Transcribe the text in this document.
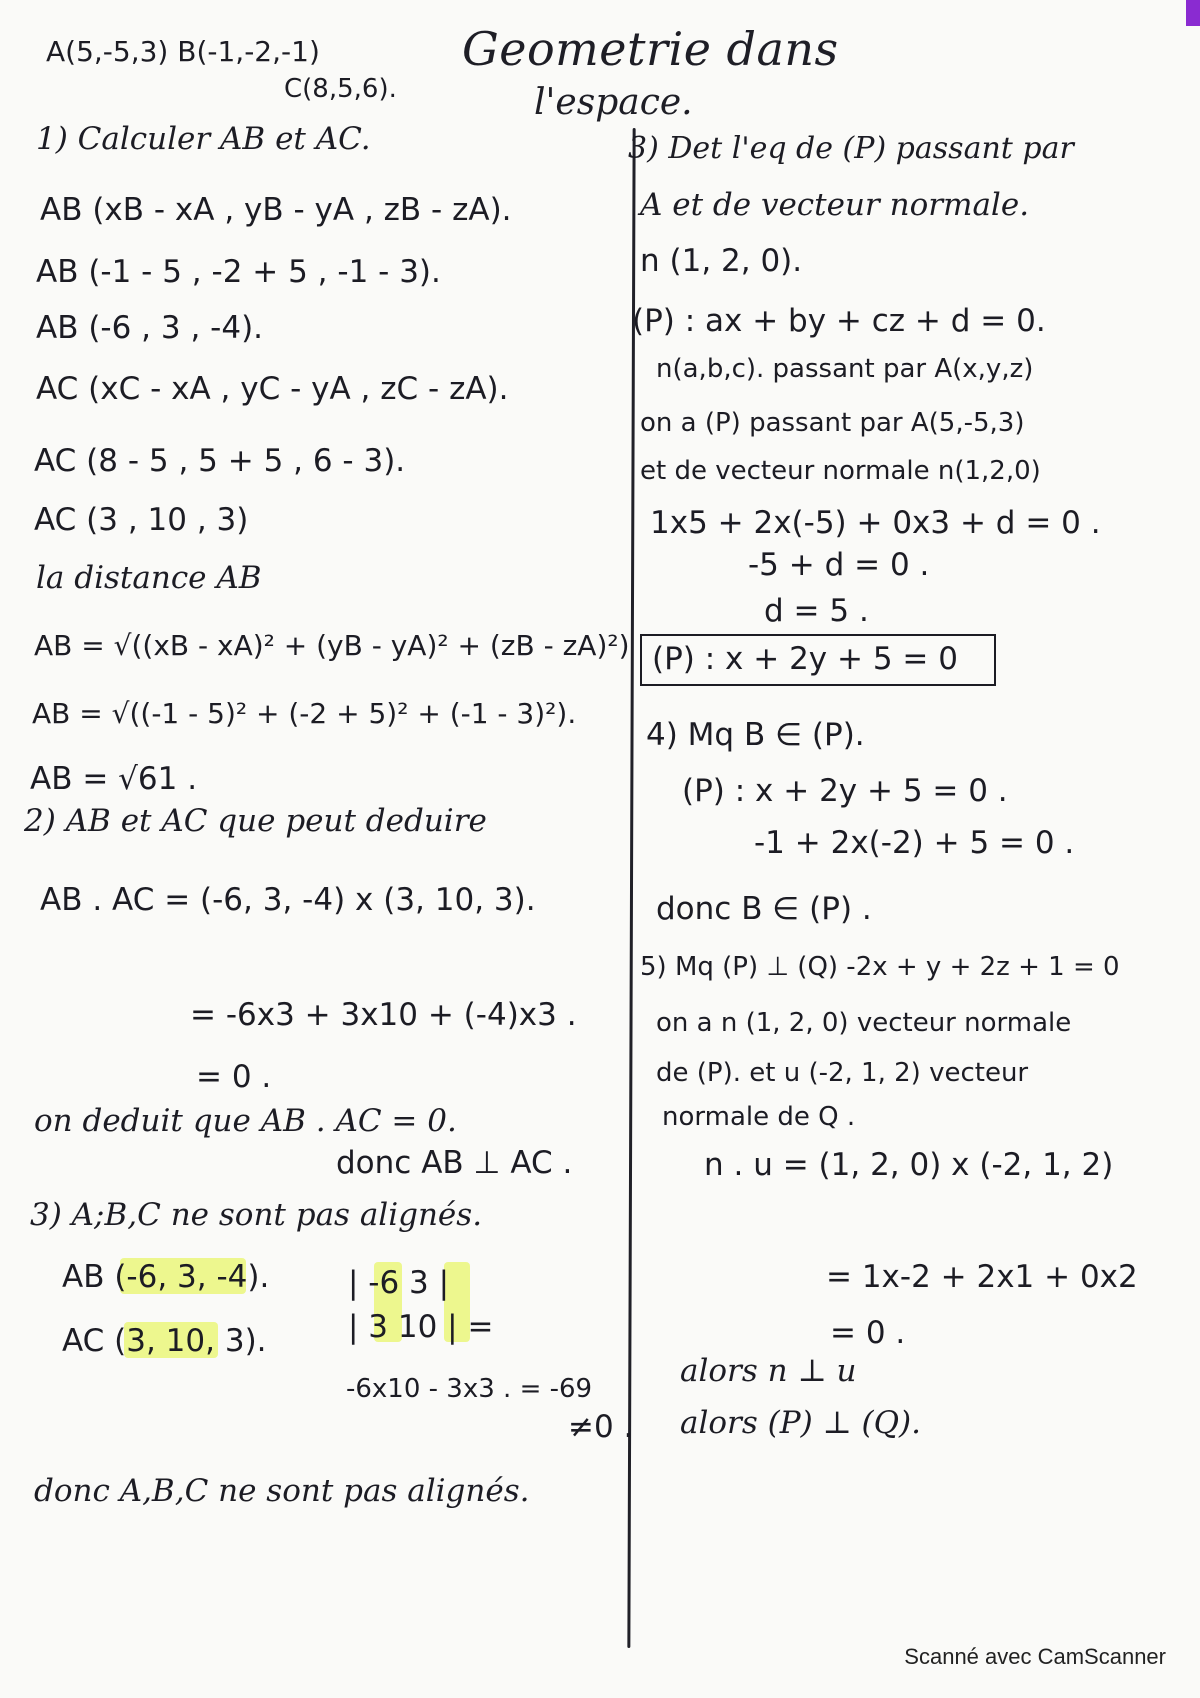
A(5,-5,3) B(-1,-2,-1)
C(8,5,6).
Geometrie dans
l'espace.
1) Calculer AB et AC.
AB (xB - xA , yB - yA , zB - zA).
AB (-1 - 5 , -2 + 5 , -1 - 3).
AB (-6 , 3 , -4).
AC (xC - xA , yC - yA , zC - zA).
AC (8 - 5 , 5 + 5 , 6 - 3).
AC (3 , 10 , 3)
la distance AB
AB = √((xB - xA)² + (yB - yA)² + (zB - zA)²)
AB = √((-1 - 5)² + (-2 + 5)² + (-1 - 3)²).
AB = √61 .
2) AB et AC que peut deduire
AB . AC = (-6, 3, -4) x (3, 10, 3).
= -6x3 + 3x10 + (-4)x3 .
= 0 .
on deduit que AB . AC = 0.
donc AB ⊥ AC .
3) A;B,C ne sont pas alignés.
AB (-6, 3, -4).
AC (3, 10, 3).
| -6 3 |
| 3 10 | =
-6x10 - 3x3 . = -69
≠0 .
donc A,B,C ne sont pas alignés.
3) Det l'eq de (P) passant par
A et de vecteur normale.
n (1, 2, 0).
(P) : ax + by + cz + d = 0.
n(a,b,c). passant par A(x,y,z)
on a (P) passant par A(5,-5,3)
et de vecteur normale n(1,2,0)
1x5 + 2x(-5) + 0x3 + d = 0 .
-5 + d = 0 .
d = 5 .
(P) : x + 2y + 5 = 0
4) Mq B ∈ (P).
(P) : x + 2y + 5 = 0 .
-1 + 2x(-2) + 5 = 0 .
donc B ∈ (P) .
5) Mq (P) ⊥ (Q) -2x + y + 2z + 1 = 0
on a n (1, 2, 0) vecteur normale
de (P). et u (-2, 1, 2) vecteur
normale de Q .
n . u = (1, 2, 0) x (-2, 1, 2)
= 1x-2 + 2x1 + 0x2
= 0 .
alors n ⊥ u
alors (P) ⊥ (Q).
Scanné avec CamScanner
